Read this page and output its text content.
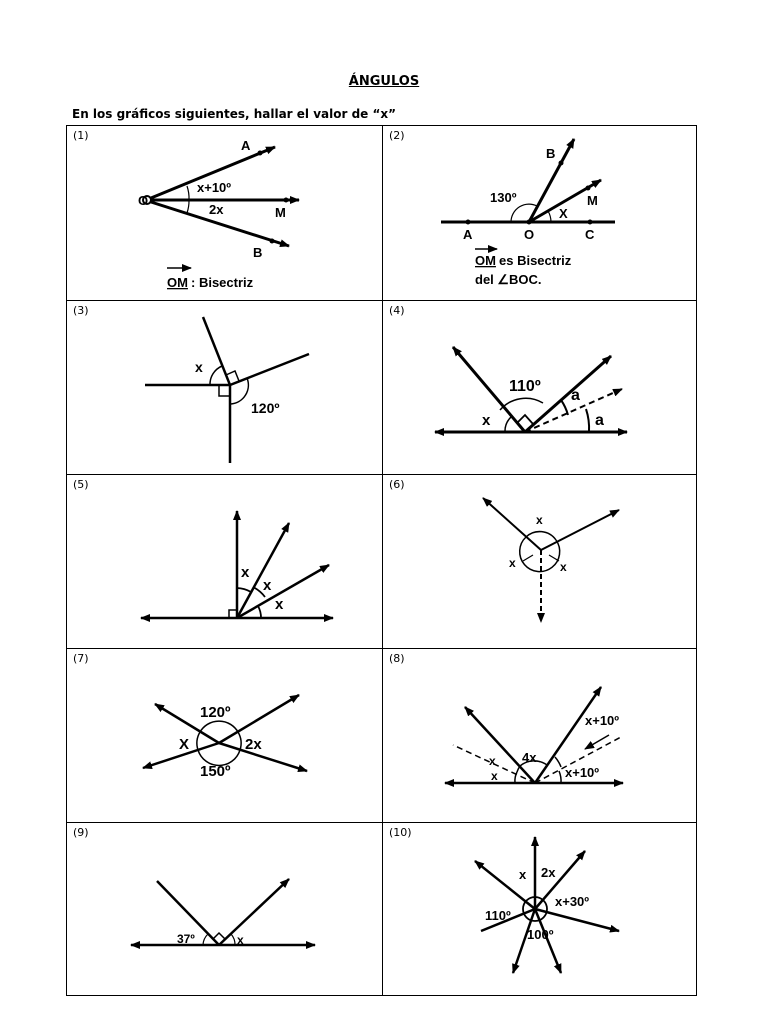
ÁNGULOS
En los gráficos siguientes, hallar el valor de “x”
(1)
A
O
M
B
x+10º
2x
OM : Bisectriz
(2)
A	O	C
B
M
130º
X
OM es Bisectriz
del ∠BOC.
(3)
x
120º
(4)
110º
x
a
a
(5)
x
x
x
(6)
x
x	x
(7)
120º
X	2x
150º
(8)
x
x
4x
x+10º
x+10º
(9)
37º	x
(10)
x 2x
x+30º
110º
100º
